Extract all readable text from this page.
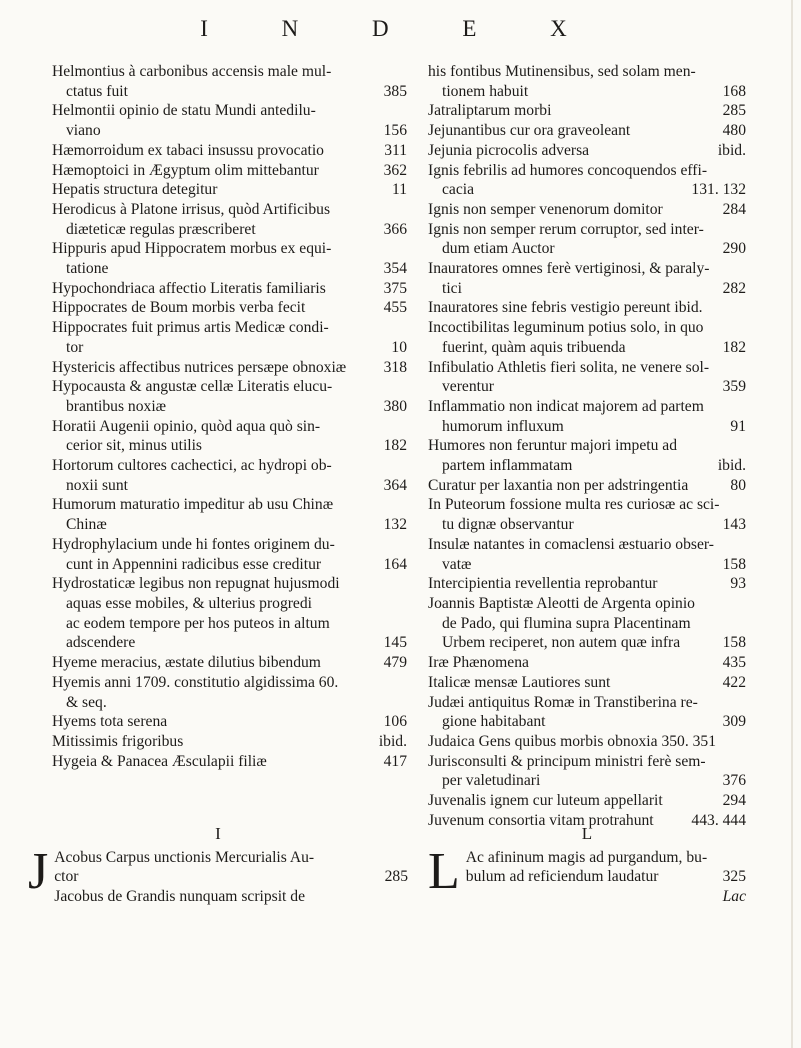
I N D E X

Helmontius à carbonibus accensis male mul-

385
ctatus fuit

Helmontii opinio de statu Mundi antedilu-

156
viano

311
Hæmorroidum ex tabaci insussu provocatio

362
Hæmoptoici in Ægyptum olim mittebantur

11
Hepatis structura detegitur

Herodicus à Platone irrisus, quòd Artificibus

366
diæteticæ regulas præscriberet

Hippuris apud Hippocratem morbus ex equi-

354
tatione

375
Hypochondriaca affectio Literatis familiaris

455
Hippocrates de Boum morbis verba fecit

Hippocrates fuit primus artis Medicæ condi-

10
tor

318
Hystericis affectibus nutrices persæpe obnoxiæ

Hypocausta & angustæ cellæ Literatis elucu-

380
brantibus noxiæ

Horatii Augenii opinio, quòd aqua quò sin-

182
cerior sit, minus utilis

Hortorum cultores cachectici, ac hydropi ob-

364
noxii sunt

Humorum maturatio impeditur ab usu Chinæ

132
Chinæ

Hydrophylacium unde hi fontes originem du-

164
cunt in Appennini radicibus esse creditur

Hydrostaticæ legibus non repugnat hujusmodi

aquas esse mobiles, & ulterius progredi

ac eodem tempore per hos puteos in altum

145
adscendere

479
Hyeme meracius, æstate dilutius bibendum

Hyemis anni 1709. constitutio algidissima 60.

& seq.

106
Hyems tota serena

ibid.
Mitissimis frigoribus

417
Hygeia & Panacea Æsculapii filiæ

his fontibus Mutinensibus, sed solam men-

168
tionem habuit

285
Jatraliptarum morbi

480
Jejunantibus cur ora graveoleant

ibid.
Jejunia picrocolis adversa

Ignis febrilis ad humores concoquendos effi-

131. 132
cacia

284
Ignis non semper venenorum domitor

Ignis non semper rerum corruptor, sed inter-

290
dum etiam Auctor

Inauratores omnes ferè vertiginosi, & paraly-

282
tici

Inauratores sine febris vestigio pereunt ibid.

Incoctibilitas leguminum potius solo, in quo

182
fuerint, quàm aquis tribuenda

Infibulatio Athletis fieri solita, ne venere sol-

359
verentur

Inflammatio non indicat majorem ad partem

91
humorum influxum

Humores non feruntur majori impetu ad

ibid.
partem inflammatam

80
Curatur per laxantia non per adstringentia

In Puteorum fossione multa res curiosæ ac sci-

143
tu dignæ observantur

Insulæ natantes in comaclensi æstuario obser-

158
vatæ

93
Intercipientia revellentia reprobantur

Joannis Baptistæ Aleotti de Argenta opinio

de Pado, qui flumina supra Placentinam

158
Urbem reciperet, non autem quæ infra

435
Iræ Phænomena

422
Italicæ mensæ Lautiores sunt

Judæi antiquitus Romæ in Transtiberina re-

309
gione habitabant

Judaica Gens quibus morbis obnoxia 350. 351

Jurisconsulti & principum ministri ferè sem-

376
per valetudinari

294
Juvenalis ignem cur luteum appellarit

443. 444
Juvenum consortia vitam protrahunt

I
J Acobus Carpus unctionis Mercurialis Au-
ctor	285
Jacobus de Grandis nunquam scripsit de
L
L Ac afininum magis ad purgandum, bu-
bulum ad reficiendum laudatur	325
Lac
